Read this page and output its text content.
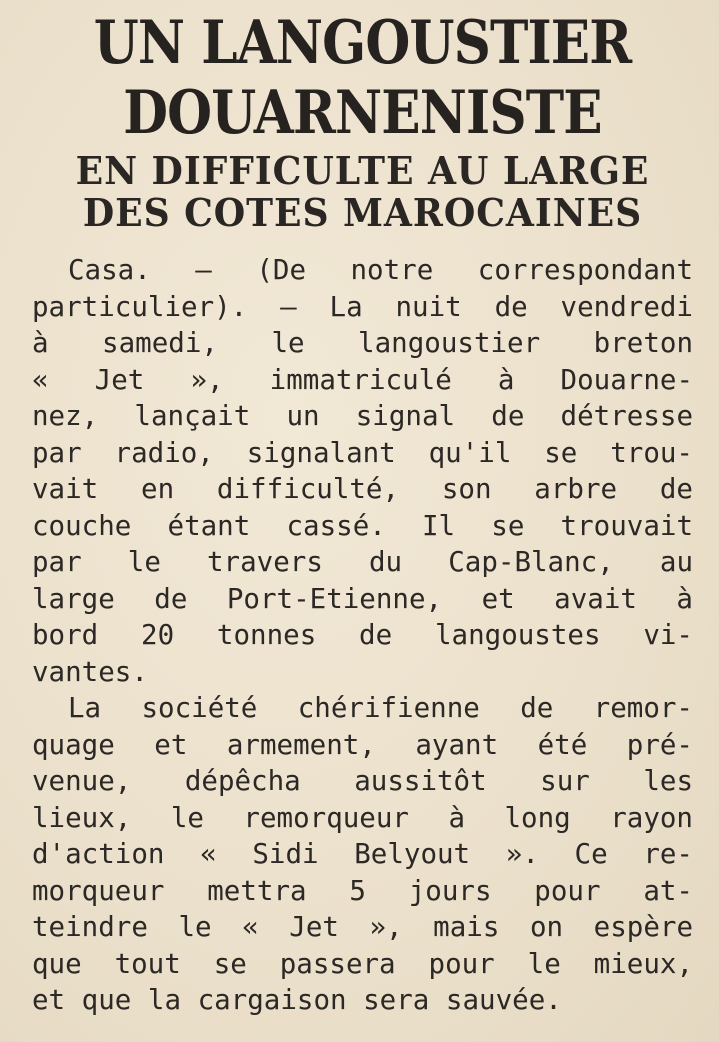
UN LANGOUSTIER
DOUARNENISTE
EN DIFFICULTE AU LARGE
DES COTES MAROCAINES
Casa. — (De notre correspondant
particulier). — La nuit de vendredi
à samedi, le langoustier breton
« Jet », immatriculé à Douarne-
nez, lançait un signal de détresse
par radio, signalant qu'il se trou-
vait en difficulté, son arbre de
couche étant cassé. Il se trouvait
par le travers du Cap-Blanc, au
large de Port-Etienne, et avait à
bord 20 tonnes de langoustes vi-
vantes.
La société chérifienne de remor-
quage et armement, ayant été pré-
venue, dépêcha aussitôt sur les
lieux, le remorqueur à long rayon
d'action « Sidi Belyout ». Ce re-
morqueur mettra 5 jours pour at-
teindre le « Jet », mais on espère
que tout se passera pour le mieux,
et que la cargaison sera sauvée.
